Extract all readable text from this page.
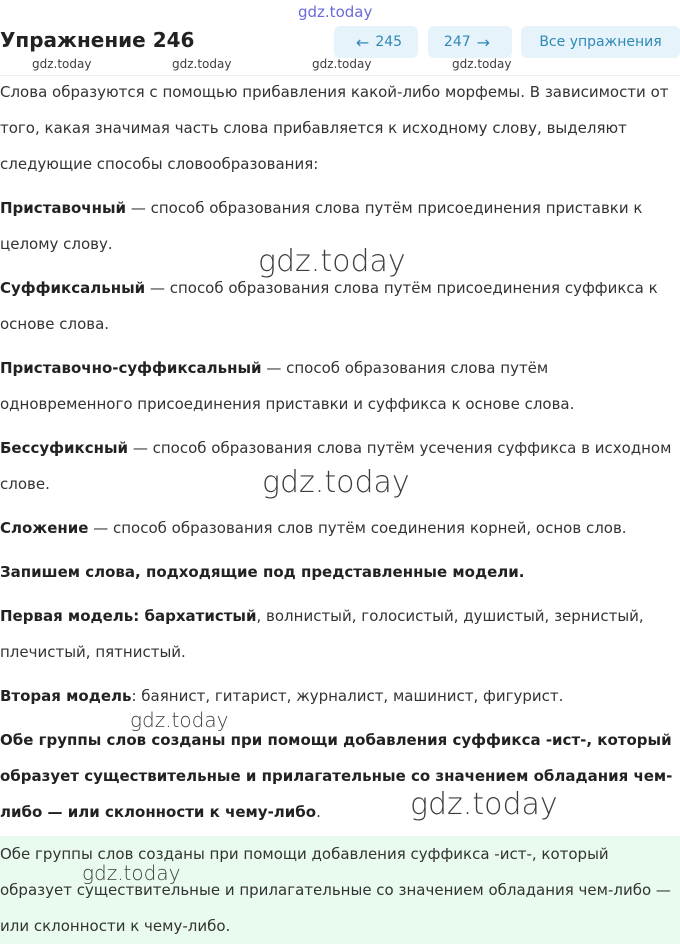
gdz.today
gdz.today	gdz.today	gdz.today	gdz.today
gdz.today
gdz.today
gdz.today
gdz.today
gdz.today
Упражнение 246	← 245	247 →	Все упражнения

Слова образуются с помощью прибавления какой-либо морфемы. В зависимости от того, какая значимая часть слова прибавляется к исходному слову, выделяют следующие способы словообразования:

Приставочный — способ образования слова путём присоединения приставки к целому слову.

Суффиксальный — способ образования слова путём присоединения суффикса к основе слова.

Приставочно-суффиксальный — способ образования слова путём одновременного присоединения приставки и суффикса к основе слова.

Бессуфиксный — способ образования слова путём усечения суффикса в исходном слове.

Сложение — способ образования слов путём соединения корней, основ слов.

Запишем слова, подходящие под представленные модели.

Первая модель: бархатистый, волнистый, голосистый, душистый, зернистый, плечистый, пятнистый.

Вторая модель: баянист, гитарист, журналист, машинист, фигурист.

Обе группы слов созданы при помощи добавления суффикса -ист-, который образует существительные и прилагательные со значением обладания чем-либо — или склонности к чему-либо.

Обе группы слов созданы при помощи добавления суффикса -ист-, который образует существительные и прилагательные со значением обладания чем-либо — или склонности к чему-либо.
